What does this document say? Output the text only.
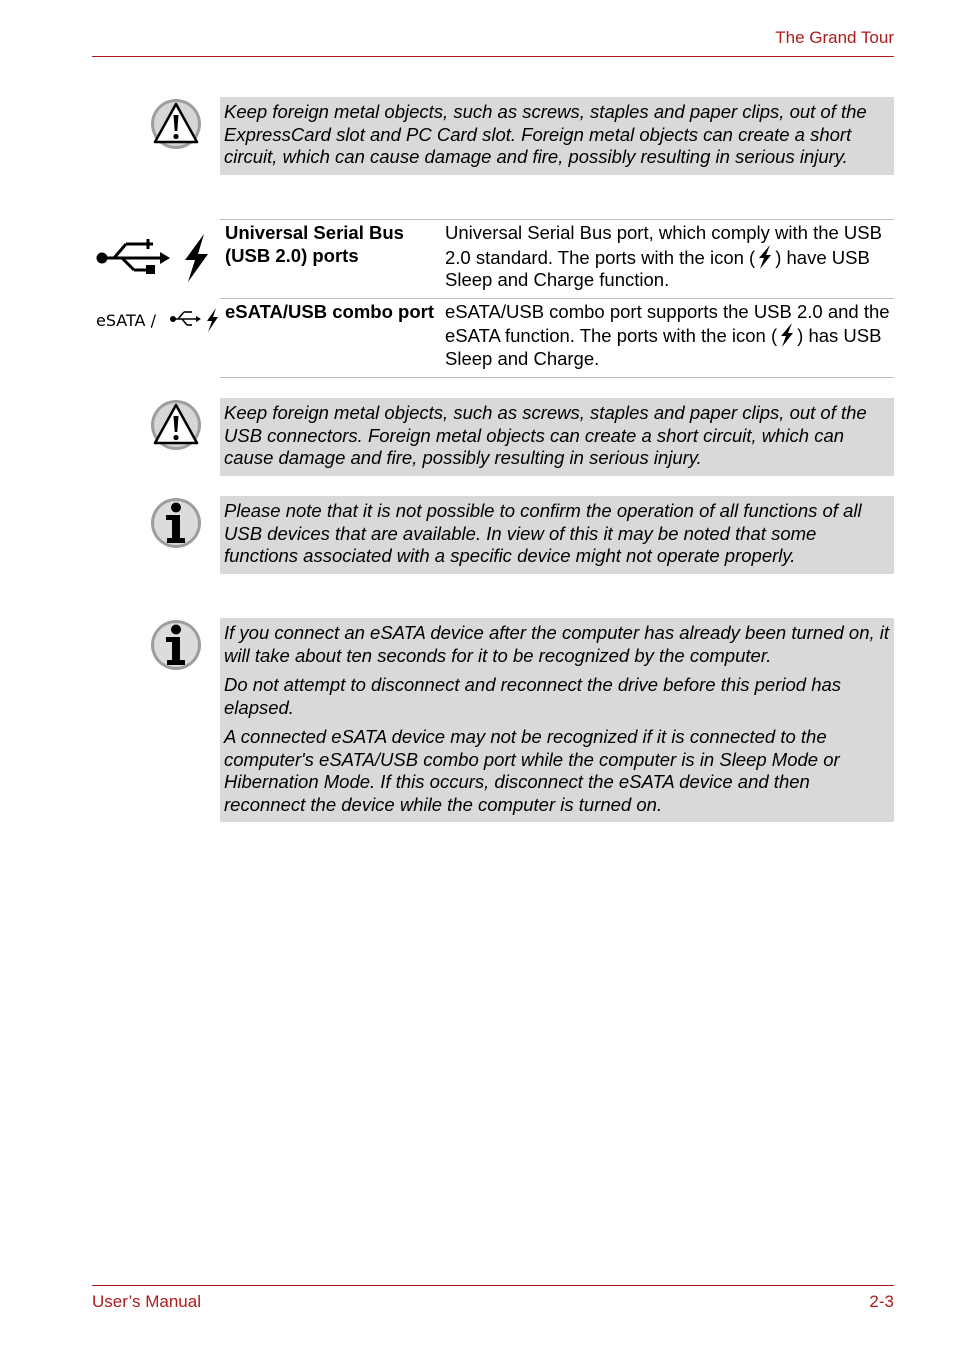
The Grand Tour

Keep foreign metal objects, such as screws, staples and paper clips, out of the ExpressCard slot and PC Card slot. Foreign metal objects can create a short circuit, which can cause damage and fire, possibly resulting in serious injury.

eSATA /
Universal Serial Bus (USB 2.0) ports
Universal Serial Bus port, which comply with the USB 2.0 standard. The ports with the icon ( ) have USB Sleep and Charge function.
eSATA/USB combo port eSATA/USB combo port supports the USB 2.0 and the eSATA function. The ports with the icon ( ) has USB Sleep and Charge.

Keep foreign metal objects, such as screws, staples and paper clips, out of the USB connectors. Foreign metal objects can create a short circuit, which can cause damage and fire, possibly resulting in serious injury.

Please note that it is not possible to confirm the operation of all functions of all USB devices that are available. In view of this it may be noted that some functions associated with a specific device might not operate properly.

If you connect an eSATA device after the computer has already been turned on, it will take about ten seconds for it to be recognized by the computer.

Do not attempt to disconnect and reconnect the drive before this period has elapsed.

A connected eSATA device may not be recognized if it is connected to the computer's eSATA/USB combo port while the computer is in Sleep Mode or Hibernation Mode. If this occurs, disconnect the eSATA device and then reconnect the device while the computer is turned on.

User’s Manual	2-3
